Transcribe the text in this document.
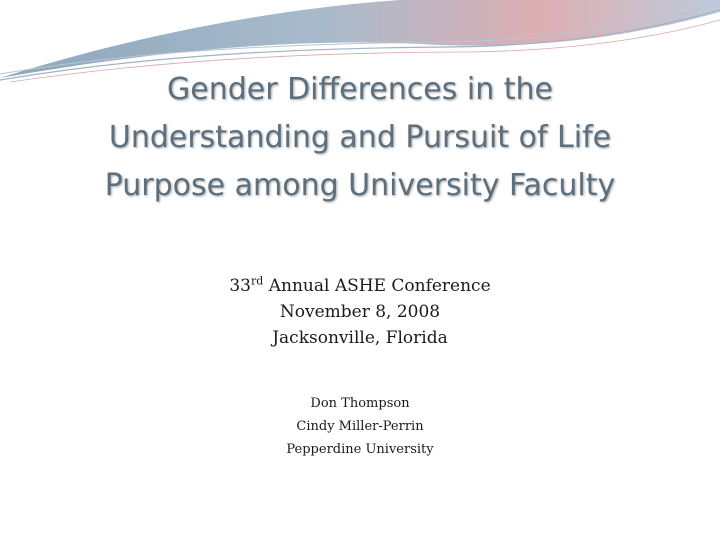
Gender Differences in the Understanding and Pursuit of Life Purpose among University Faculty
33rd Annual ASHE Conference
November 8, 2008
Jacksonville, Florida
Don Thompson
Cindy Miller-Perrin
Pepperdine University
